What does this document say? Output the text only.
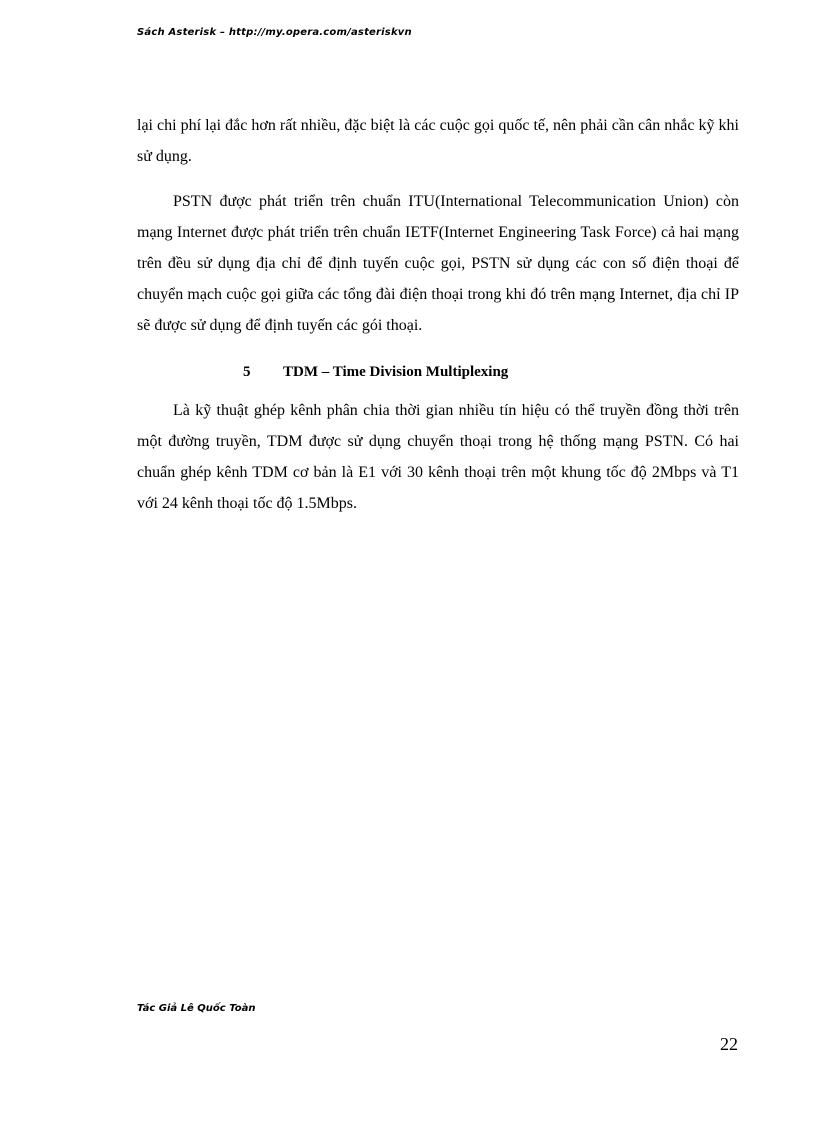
Sách Asterisk – http://my.opera.com/asteriskvn

lại chi phí lại đắc hơn rất nhiều, đặc biệt là các cuộc gọi quốc tế, nên phải cần cân nhắc kỹ khi sử dụng.

PSTN được phát triển trên chuẩn ITU(International Telecommunication Union) còn mạng Internet được phát triển trên chuẩn IETF(Internet Engineering Task Force) cả hai mạng trên đều sử dụng địa chỉ để định tuyến cuộc gọi, PSTN sử dụng các con số điện thoại để chuyển mạch cuộc gọi giữa các tổng đài điện thoại trong khi đó trên mạng Internet, địa chỉ IP sẽ được sử dụng để định tuyến các gói thoại.

5 TDM – Time Division Multiplexing

Là kỹ thuật ghép kênh phân chia thời gian nhiều tín hiệu có thể truyền đồng thời trên một đường truyền, TDM được sử dụng chuyển thoại trong hệ thống mạng PSTN. Có hai chuẩn ghép kênh TDM cơ bản là E1 với 30 kênh thoại trên một khung tốc độ 2Mbps và T1 với 24 kênh thoại tốc độ 1.5Mbps.

Tác Giả Lê Quốc Toàn
22
